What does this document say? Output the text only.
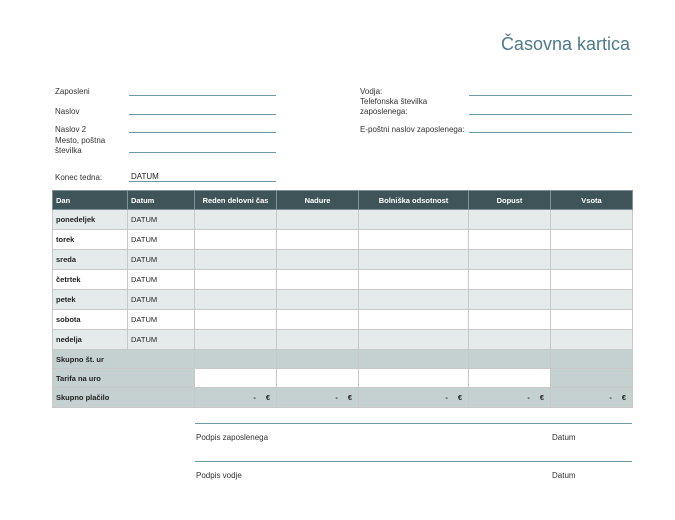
Časovna kartica
Zaposleni
Naslov
Naslov 2
Mesto, poštna številka
Vodja:
Telefonska številka zaposlenega:
E-poštni naslov zaposlenega:
Konec tedna:	DATUM
Dan	Datum	Reden delovni čas	Nadure	Bolniška odsotnost	Dopust	Vsota
ponedeljek	DATUM					
torek	DATUM					
sreda	DATUM					
četrtek	DATUM					
petek	DATUM					
sobota	DATUM					
nedelja	DATUM					
Skupno št. ur						
Tarifa na uro						
Skupno plačilo		- €	- €	- €	- €	- €
Podpis zaposlenega	Datum
Podpis vodje	Datum
